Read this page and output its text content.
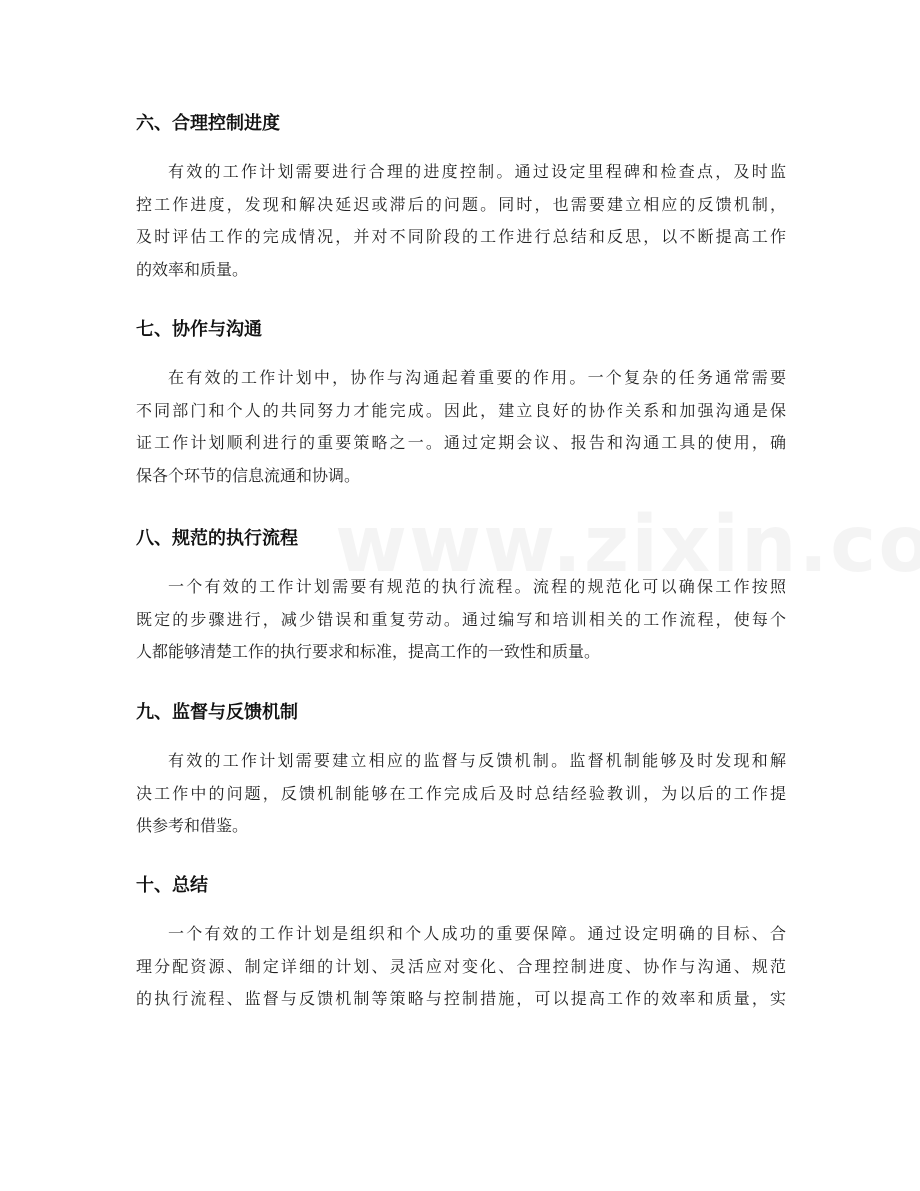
六、合理控制进度

有效的工作计划需要进行合理的进度控制。通过设定里程碑和检查点，及时监
控工作进度，发现和解决延迟或滞后的问题。同时，也需要建立相应的反馈机制，
及时评估工作的完成情况，并对不同阶段的工作进行总结和反思，以不断提高工作
的效率和质量。

七、协作与沟通

在有效的工作计划中，协作与沟通起着重要的作用。一个复杂的任务通常需要
不同部门和个人的共同努力才能完成。因此，建立良好的协作关系和加强沟通是保
证工作计划顺利进行的重要策略之一。通过定期会议、报告和沟通工具的使用，确
保各个环节的信息流通和协调。

八、规范的执行流程

一个有效的工作计划需要有规范的执行流程。流程的规范化可以确保工作按照
既定的步骤进行，减少错误和重复劳动。通过编写和培训相关的工作流程，使每个
人都能够清楚工作的执行要求和标准，提高工作的一致性和质量。

九、监督与反馈机制

有效的工作计划需要建立相应的监督与反馈机制。监督机制能够及时发现和解
决工作中的问题，反馈机制能够在工作完成后及时总结经验教训，为以后的工作提
供参考和借鉴。

十、总结

一个有效的工作计划是组织和个人成功的重要保障。通过设定明确的目标、合
理分配资源、制定详细的计划、灵活应对变化、合理控制进度、协作与沟通、规范
的执行流程、监督与反馈机制等策略与控制措施，可以提高工作的效率和质量，实
